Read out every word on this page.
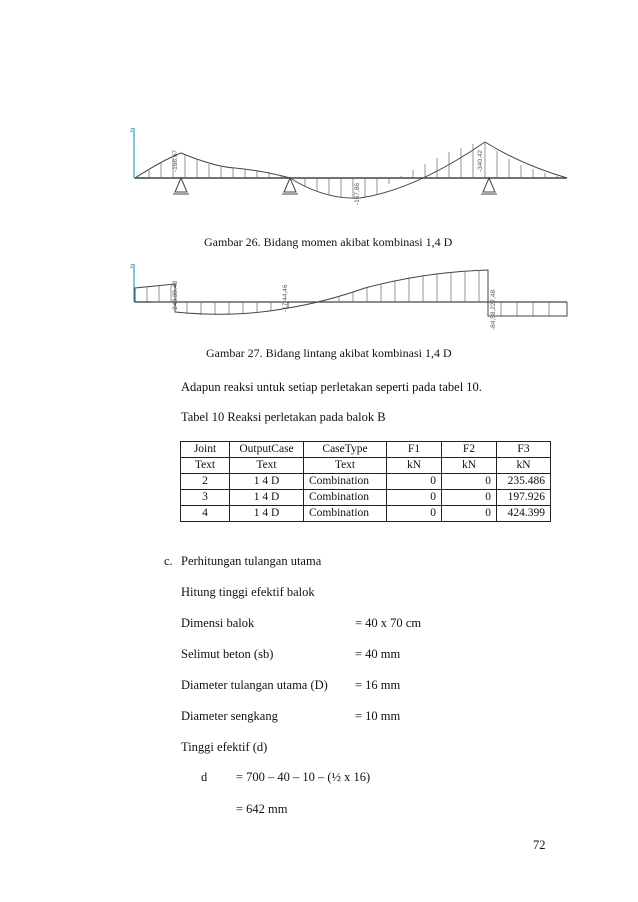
z
-168,67
-167,86
-340,42
Gambar 26. Bidang momen akibat kombinasi 1,4 D
z
-240,39,48	-17,44,46	-84,58,227,48
Gambar 27. Bidang lintang akibat kombinasi 1,4 D
Adapun reaksi untuk setiap perletakan seperti pada tabel 10.
Tabel 10 Reaksi perletakan pada balok B
Joint	OutputCase	CaseType	F1	F2	F3
Text	Text	Text	kN	kN	kN
2	1 4 D	Combination	0	0	235.486
3	1 4 D	Combination	0	0	197.926
4	1 4 D	Combination	0	0	424.399
c. Perhitungan tulangan utama
Hitung tinggi efektif balok
Dimensi balok	= 40 x 70 cm
Selimut beton (sb)	= 40 mm
Diameter tulangan utama (D) = 16 mm
Diameter sengkang	= 10 mm
Tinggi efektif (d)
d = 700 – 40 – 10 – (½ x 16)
= 642 mm
72
